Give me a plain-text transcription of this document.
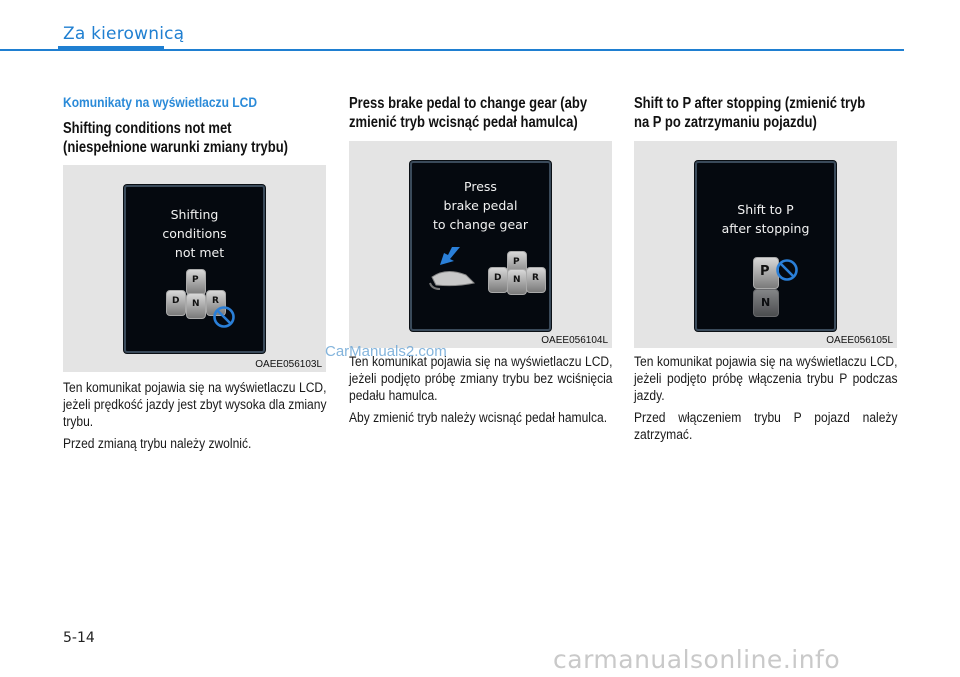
Za kierownicą
Komunikaty na wyświetlaczu LCD
Shifting conditions not met
(niespełnione warunki zmiany trybu)
Shifting
conditions
not met
P
D N R
OAEE056103L

Ten komunikat pojawia się na wyświetlaczu LCD, jeżeli prędkość jazdy jest zbyt wysoka dla zmiany trybu.

Przed zmianą trybu należy zwolnić.

Press brake pedal to change gear (aby
zmienić tryb wcisnąć pedał hamulca)
Press
brake pedal
to change gear
P
D N R
OAEE056104L

Ten komunikat pojawia się na wyświetlaczu LCD, jeżeli podjęto próbę zmiany trybu bez wciśnięcia pedału hamulca.

Aby zmienić tryb należy wcisnąć pedał hamulca.

Shift to P after stopping (zmienić tryb
na P po zatrzymaniu pojazdu)
Shift to P
after stopping
P
N
OAEE056105L

Ten komunikat pojawia się na wyświetlaczu LCD, jeżeli podjęto próbę włączenia trybu P podczas jazdy.

Przed włączeniem trybu P pojazd należy zatrzymać.

CarManuals2.com
5-14
carmanualsonline.info
